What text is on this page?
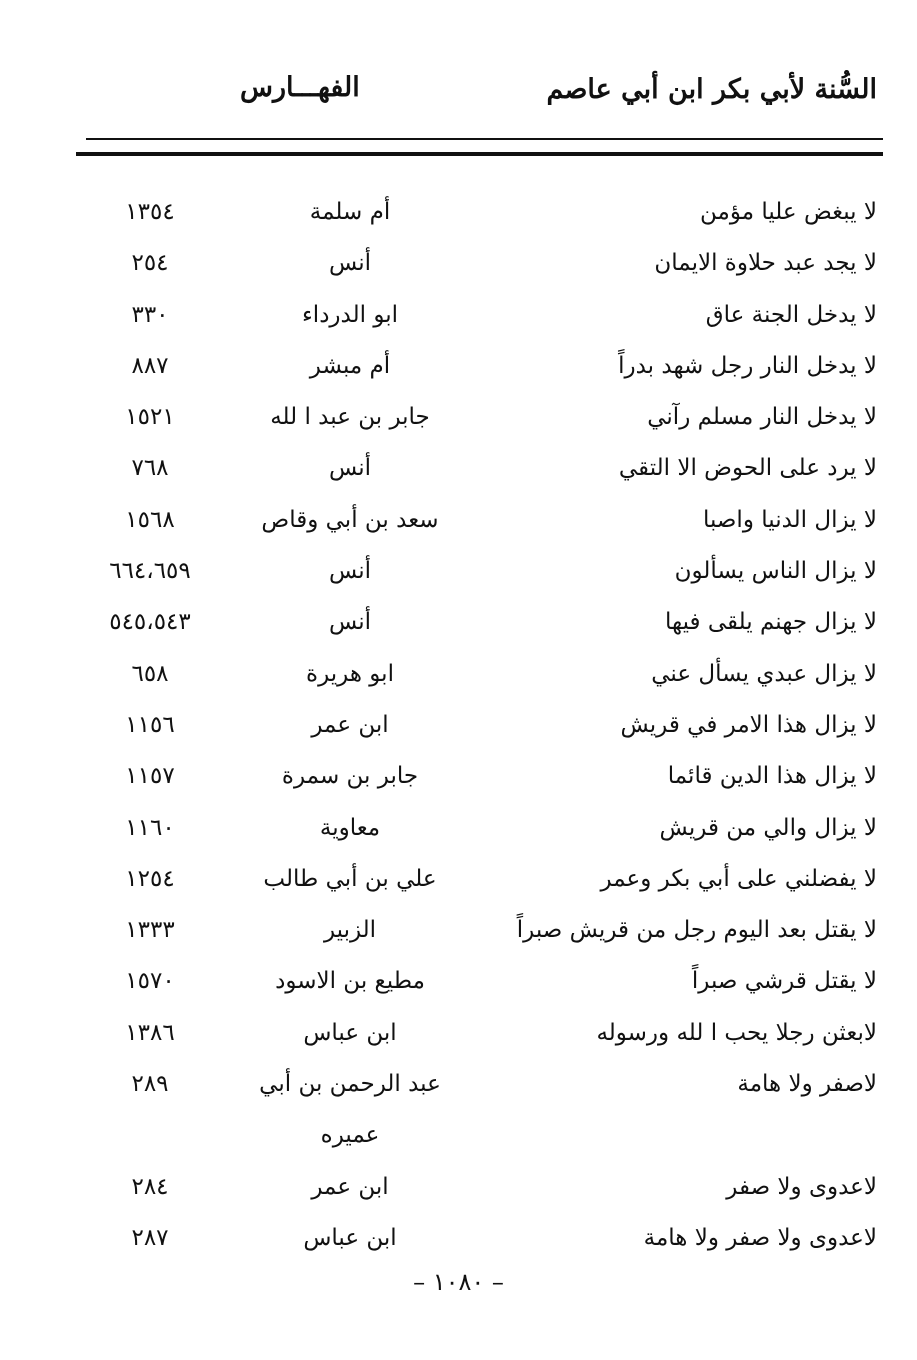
السُّنة لأبي بكر ابن أبي عاصم
الفهـــارس
لا يبغض عليا مؤمن
أم سلمة
١٣٥٤
لا يجد عبد حلاوة الايمان
أنس
٢٥٤
لا يدخل الجنة عاق
ابو الدرداء
٣٣٠
لا يدخل النار رجل شهد بدراً
أم مبشر
٨٨٧
لا يدخل النار مسلم رآني
جابر بن عبد ا لله
١٥٢١
لا يرد على الحوض الا التقي
أنس
٧٦٨
لا يزال الدنيا واصبا
سعد بن أبي وقاص
١٥٦٨
لا يزال الناس يسألون
أنس
٦٦٤،٦٥٩
لا يزال جهنم يلقى فيها
أنس
٥٤٥،٥٤٣
لا يزال عبدي يسأل عني
ابو هريرة
٦٥٨
لا يزال هذا الامر في قريش
ابن عمر
١١٥٦
لا يزال هذا الدين قائما
جابر بن سمرة
١١٥٧
لا يزال والي من قريش
معاوية
١١٦٠
لا يفضلني على أبي بكر وعمر
علي بن أبي طالب
١٢٥٤
لا يقتل بعد اليوم رجل من قريش صبراً
الزبير
١٣٣٣
لا يقتل قرشي صبراً
مطيع بن الاسود
١٥٧٠
لابعثن رجلا يحب ا لله ورسوله
ابن عباس
١٣٨٦
لاصفر ولا هامة
عبد الرحمن بن أبي
٢٨٩
عميره
لاعدوى ولا صفر
ابن عمر
٢٨٤
لاعدوى ولا صفر ولا هامة
ابن عباس
٢٨٧
– ١٠٨٠ –
